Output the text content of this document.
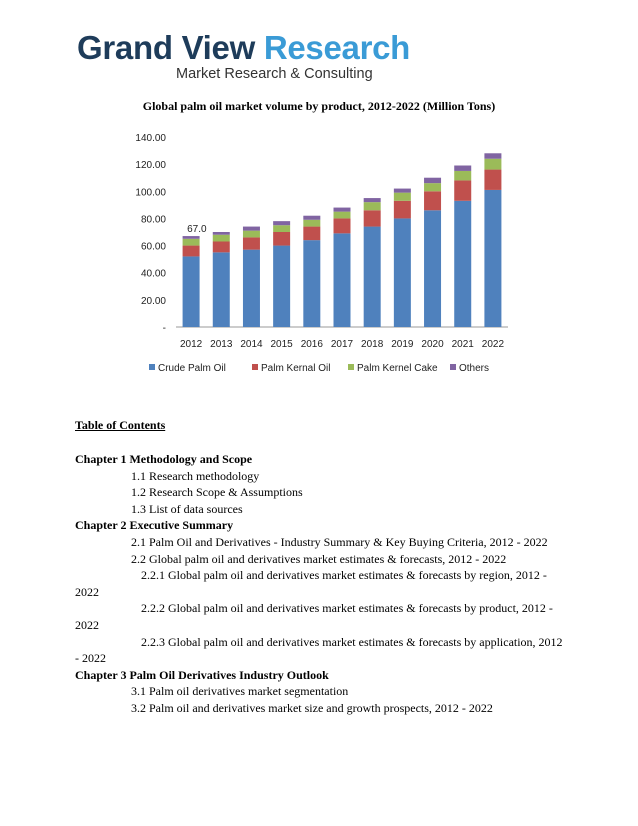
Grand View Research
Market Research & Consulting
Global palm oil market volume by product, 2012-2022 (Million Tons)
-
20.00
40.00
60.00
80.00
100.00
120.00
140.00
2012
67.0
2013 2014 2015 2016 2017 2018 2019 2020 2021 2022
Crude Palm Oil	Palm Kernal Oil	Palm Kernel Cake Others
Table of Contents
Chapter 1 Methodology and Scope
1.1 Research methodology
1.2 Research Scope & Assumptions
1.3 List of data sources
Chapter 2 Executive Summary
2.1 Palm Oil and Derivatives - Industry Summary & Key Buying Criteria, 2012 - 2022
2.2 Global palm oil and derivatives market estimates & forecasts, 2012 - 2022
2.2.1 Global palm oil and derivatives market estimates & forecasts by region, 2012 - 2022
2.2.2 Global palm oil and derivatives market estimates & forecasts by product, 2012 - 2022
2.2.3 Global palm oil and derivatives market estimates & forecasts by application, 2012 - 2022
Chapter 3 Palm Oil Derivatives Industry Outlook
3.1 Palm oil derivatives market segmentation
3.2 Palm oil and derivatives market size and growth prospects, 2012 - 2022
